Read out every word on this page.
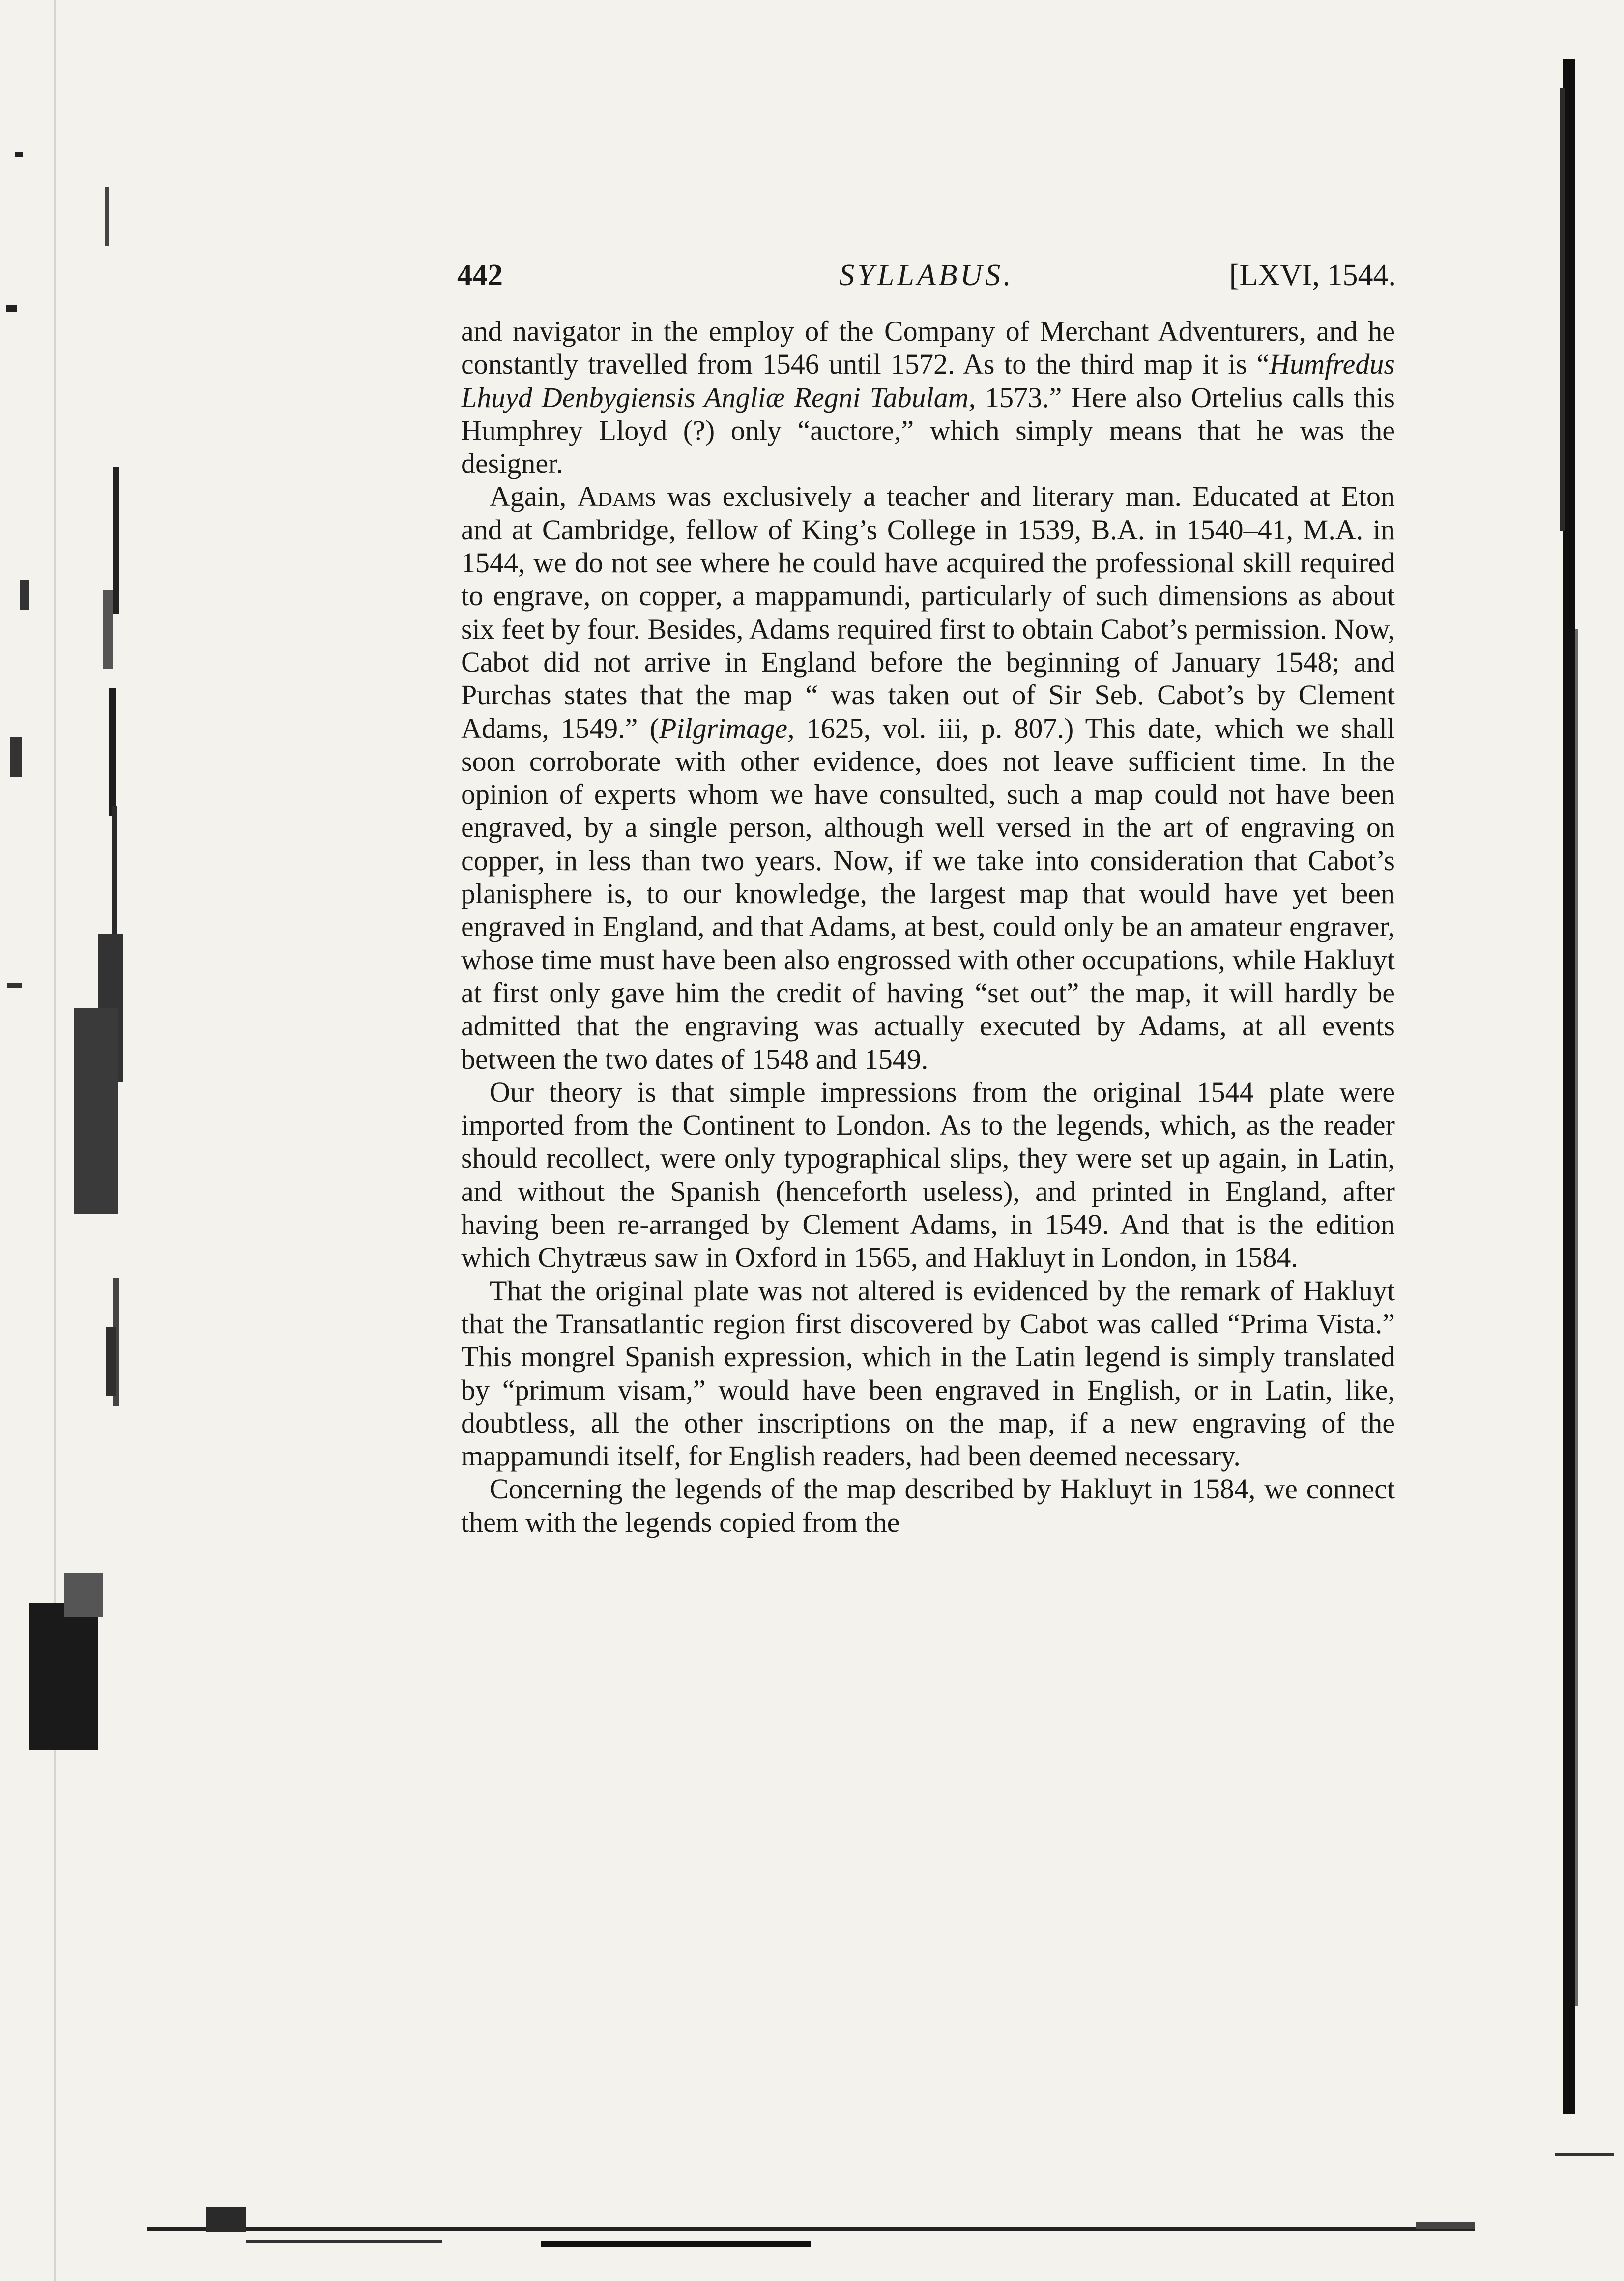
442	SYLLABUS.	[LXVI, 1544.

and navigator in the employ of the Company of Merchant Adventurers, and he constantly travelled from 1546 until 1572. As to the third map it is “Humfredus Lhuyd Denbygiensis Angliæ Regni Tabulam, 1573.” Here also Ortelius calls this Humphrey Lloyd (?) only “auctore,” which simply means that he was the designer.

Again, Adams was exclusively a teacher and literary man. Educated at Eton and at Cambridge, fellow of King’s College in 1539, B.A. in 1540–41, M.A. in 1544, we do not see where he could have acquired the professional skill required to engrave, on copper, a mappamundi, particularly of such dimensions as about six feet by four. Besides, Adams required first to obtain Cabot’s permission. Now, Cabot did not arrive in England before the beginning of January 1548; and Purchas states that the map “ was taken out of Sir Seb. Cabot’s by Clement Adams, 1549.” (Pilgrimage, 1625, vol. iii, p. 807.) This date, which we shall soon corroborate with other evidence, does not leave sufficient time. In the opinion of experts whom we have consulted, such a map could not have been engraved, by a single person, although well versed in the art of engraving on copper, in less than two years. Now, if we take into consideration that Cabot’s planisphere is, to our knowledge, the largest map that would have yet been engraved in England, and that Adams, at best, could only be an amateur engraver, whose time must have been also engrossed with other occupations, while Hakluyt at first only gave him the credit of having “set out” the map, it will hardly be admitted that the engraving was actually executed by Adams, at all events between the two dates of 1548 and 1549.

Our theory is that simple impressions from the original 1544 plate were imported from the Continent to London. As to the legends, which, as the reader should recollect, were only typographical slips, they were set up again, in Latin, and without the Spanish (henceforth useless), and printed in England, after having been re-arranged by Clement Adams, in 1549. And that is the edition which Chytræus saw in Oxford in 1565, and Hakluyt in London, in 1584.

That the original plate was not altered is evidenced by the remark of Hakluyt that the Transatlantic region first discovered by Cabot was called “Prima Vista.” This mongrel Spanish expression, which in the Latin legend is simply translated by “primum visam,” would have been engraved in English, or in Latin, like, doubtless, all the other inscriptions on the map, if a new engraving of the mappamundi itself, for English readers, had been deemed necessary.

Concerning the legends of the map described by Hakluyt in 1584, we connect them with the legends copied from the
